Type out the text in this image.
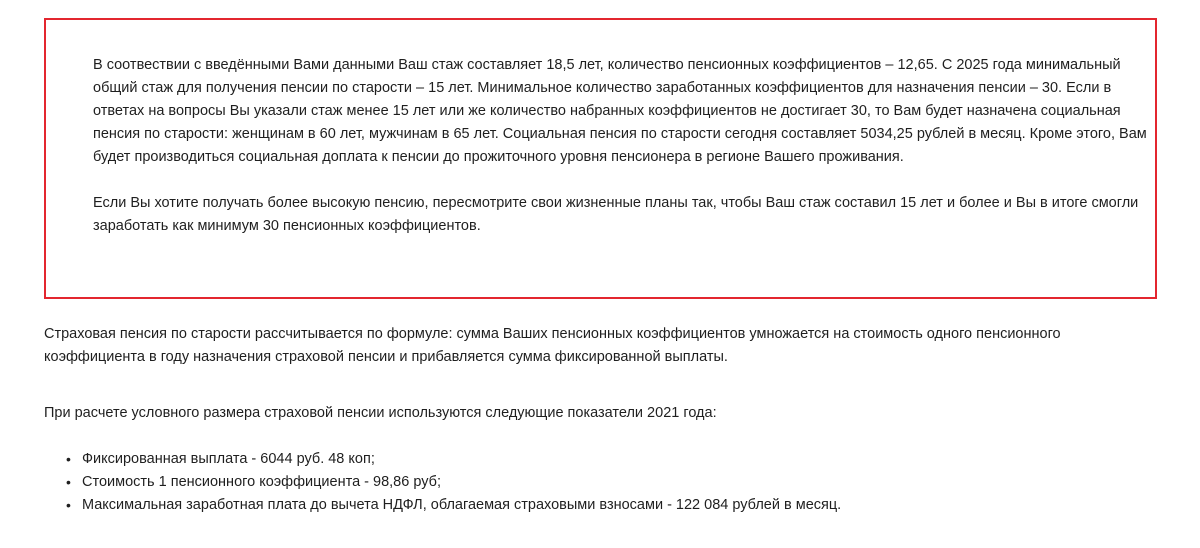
В соотвествии с введёнными Вами данными Ваш стаж составляет 18,5 лет, количество пенсионных коэффициентов – 12,65. С 2025 года минимальный общий стаж для получения пенсии по старости – 15 лет. Минимальное количество заработанных коэффициентов для назначения пенсии – 30. Если в ответах на вопросы Вы указали стаж менее 15 лет или же количество набранных коэффициентов не достигает 30, то Вам будет назначена социальная пенсия по старости: женщинам в 60 лет, мужчинам в 65 лет. Социальная пенсия по старости сегодня составляет 5034,25 рублей в месяц. Кроме этого, Вам будет производиться социальная доплата к пенсии до прожиточного уровня пенсионера в регионе Вашего проживания.

Если Вы хотите получать более высокую пенсию, пересмотрите свои жизненные планы так, чтобы Ваш стаж составил 15 лет и более и Вы в итоге смогли заработать как минимум 30 пенсионных коэффициентов.

Страховая пенсия по старости рассчитывается по формуле: сумма Ваших пенсионных коэффициентов умножается на стоимость одного пенсионного коэффициента в году назначения страховой пенсии и прибавляется сумма фиксированной выплаты.

При расчете условного размера страховой пенсии используются следующие показатели 2021 года:

• Фиксированная выплата - 6044 руб. 48 коп;
• Стоимость 1 пенсионного коэффициента - 98,86 руб;
• Максимальная заработная плата до вычета НДФЛ, облагаемая страховыми взносами - 122 084 рублей в месяц.
